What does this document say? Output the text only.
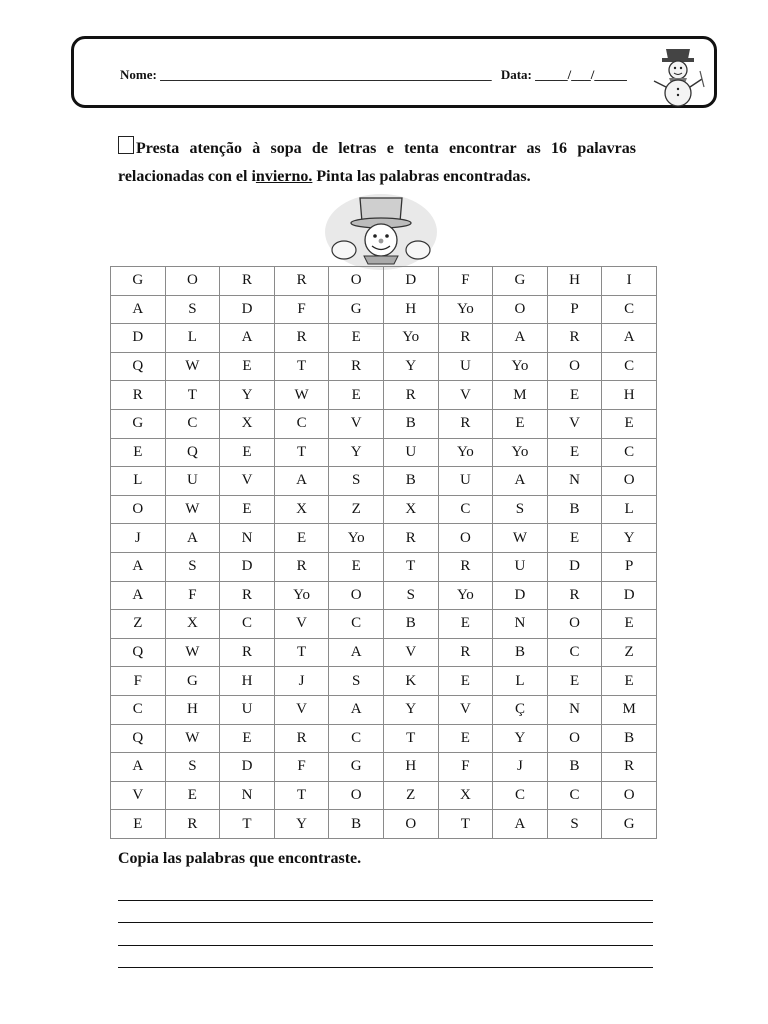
Nome: ___________________________________________________ Data: _____/___/_____
Presta atenção à sopa de letras e tenta encontrar as 16 palavras relacionadas con el invierno. Pinta las palabras encontradas.
G	O	R	R	O	D	F	G	H	I
A	S	D	F	G	H	Yo	O	P	C
D	L	A	R	E	Yo	R	A	R	A
Q	W	E	T	R	Y	U	Yo	O	C
R	T	Y	W	E	R	V	M	E	H
G	C	X	C	V	B	R	E	V	E
E	Q	E	T	Y	U	Yo	Yo	E	C
L	U	V	A	S	B	U	A	N	O
O	W	E	X	Z	X	C	S	B	L
J	A	N	E	Yo	R	O	W	E	Y
A	S	D	R	E	T	R	U	D	P
A	F	R	Yo	O	S	Yo	D	R	D
Z	X	C	V	C	B	E	N	O	E
Q	W	R	T	A	V	R	B	C	Z
F	G	H	J	S	K	E	L	E	E
C	H	U	V	A	Y	V	Ç	N	M
Q	W	E	R	C	T	E	Y	O	B
A	S	D	F	G	H	F	J	B	R
V	E	N	T	O	Z	X	C	C	O
E	R	T	Y	B	O	T	A	S	G
Copia las palabras que encontraste.
